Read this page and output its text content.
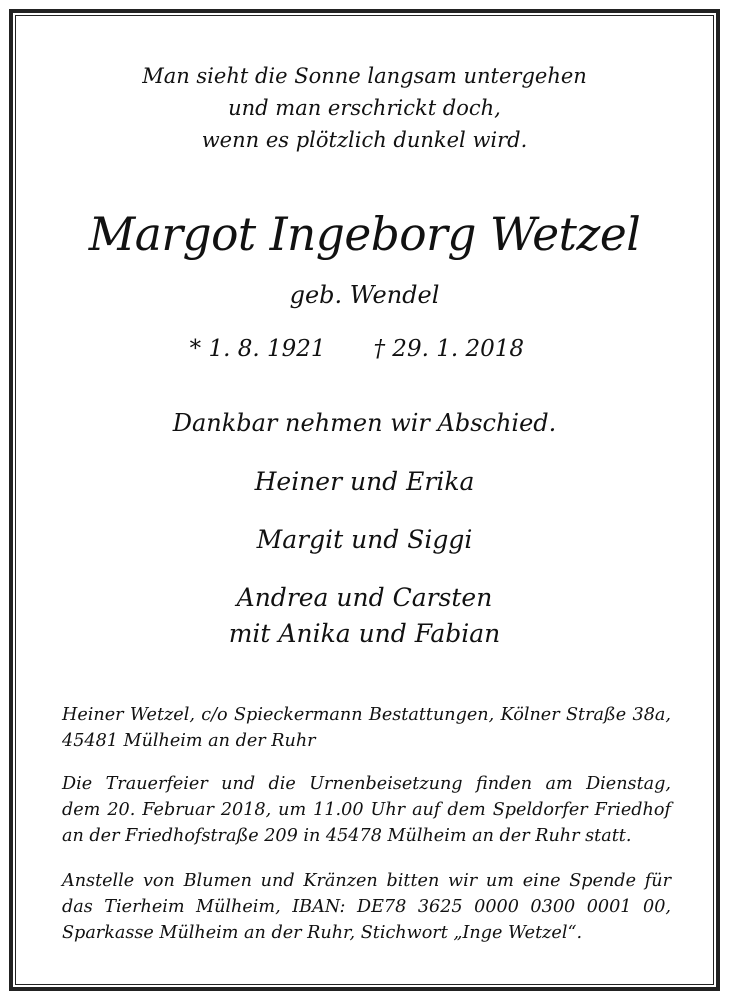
Man sieht die Sonne langsam untergehen
und man erschrickt doch,
wenn es plötzlich dunkel wird.
Margot Ingeborg Wetzel
geb. Wendel
* 1. 8. 1921 † 29. 1. 2018
Dankbar nehmen wir Abschied.
Heiner und Erika
Margit und Siggi
Andrea und Carsten
mit Anika und Fabian
Heiner Wetzel, c/o Spieckermann Bestattungen, Kölner Straße 38a,
45481 Mülheim an der Ruhr
Die Trauerfeier und die Urnenbeisetzung finden am Dienstag,
dem 20. Februar 2018, um 11.00 Uhr auf dem Speldorfer Friedhof
an der Friedhofstraße 209 in 45478 Mülheim an der Ruhr statt.
Anstelle von Blumen und Kränzen bitten wir um eine Spende für
das Tierheim Mülheim, IBAN: DE78 3625 0000 0300 0001 00,
Sparkasse Mülheim an der Ruhr, Stichwort „Inge Wetzel“.
